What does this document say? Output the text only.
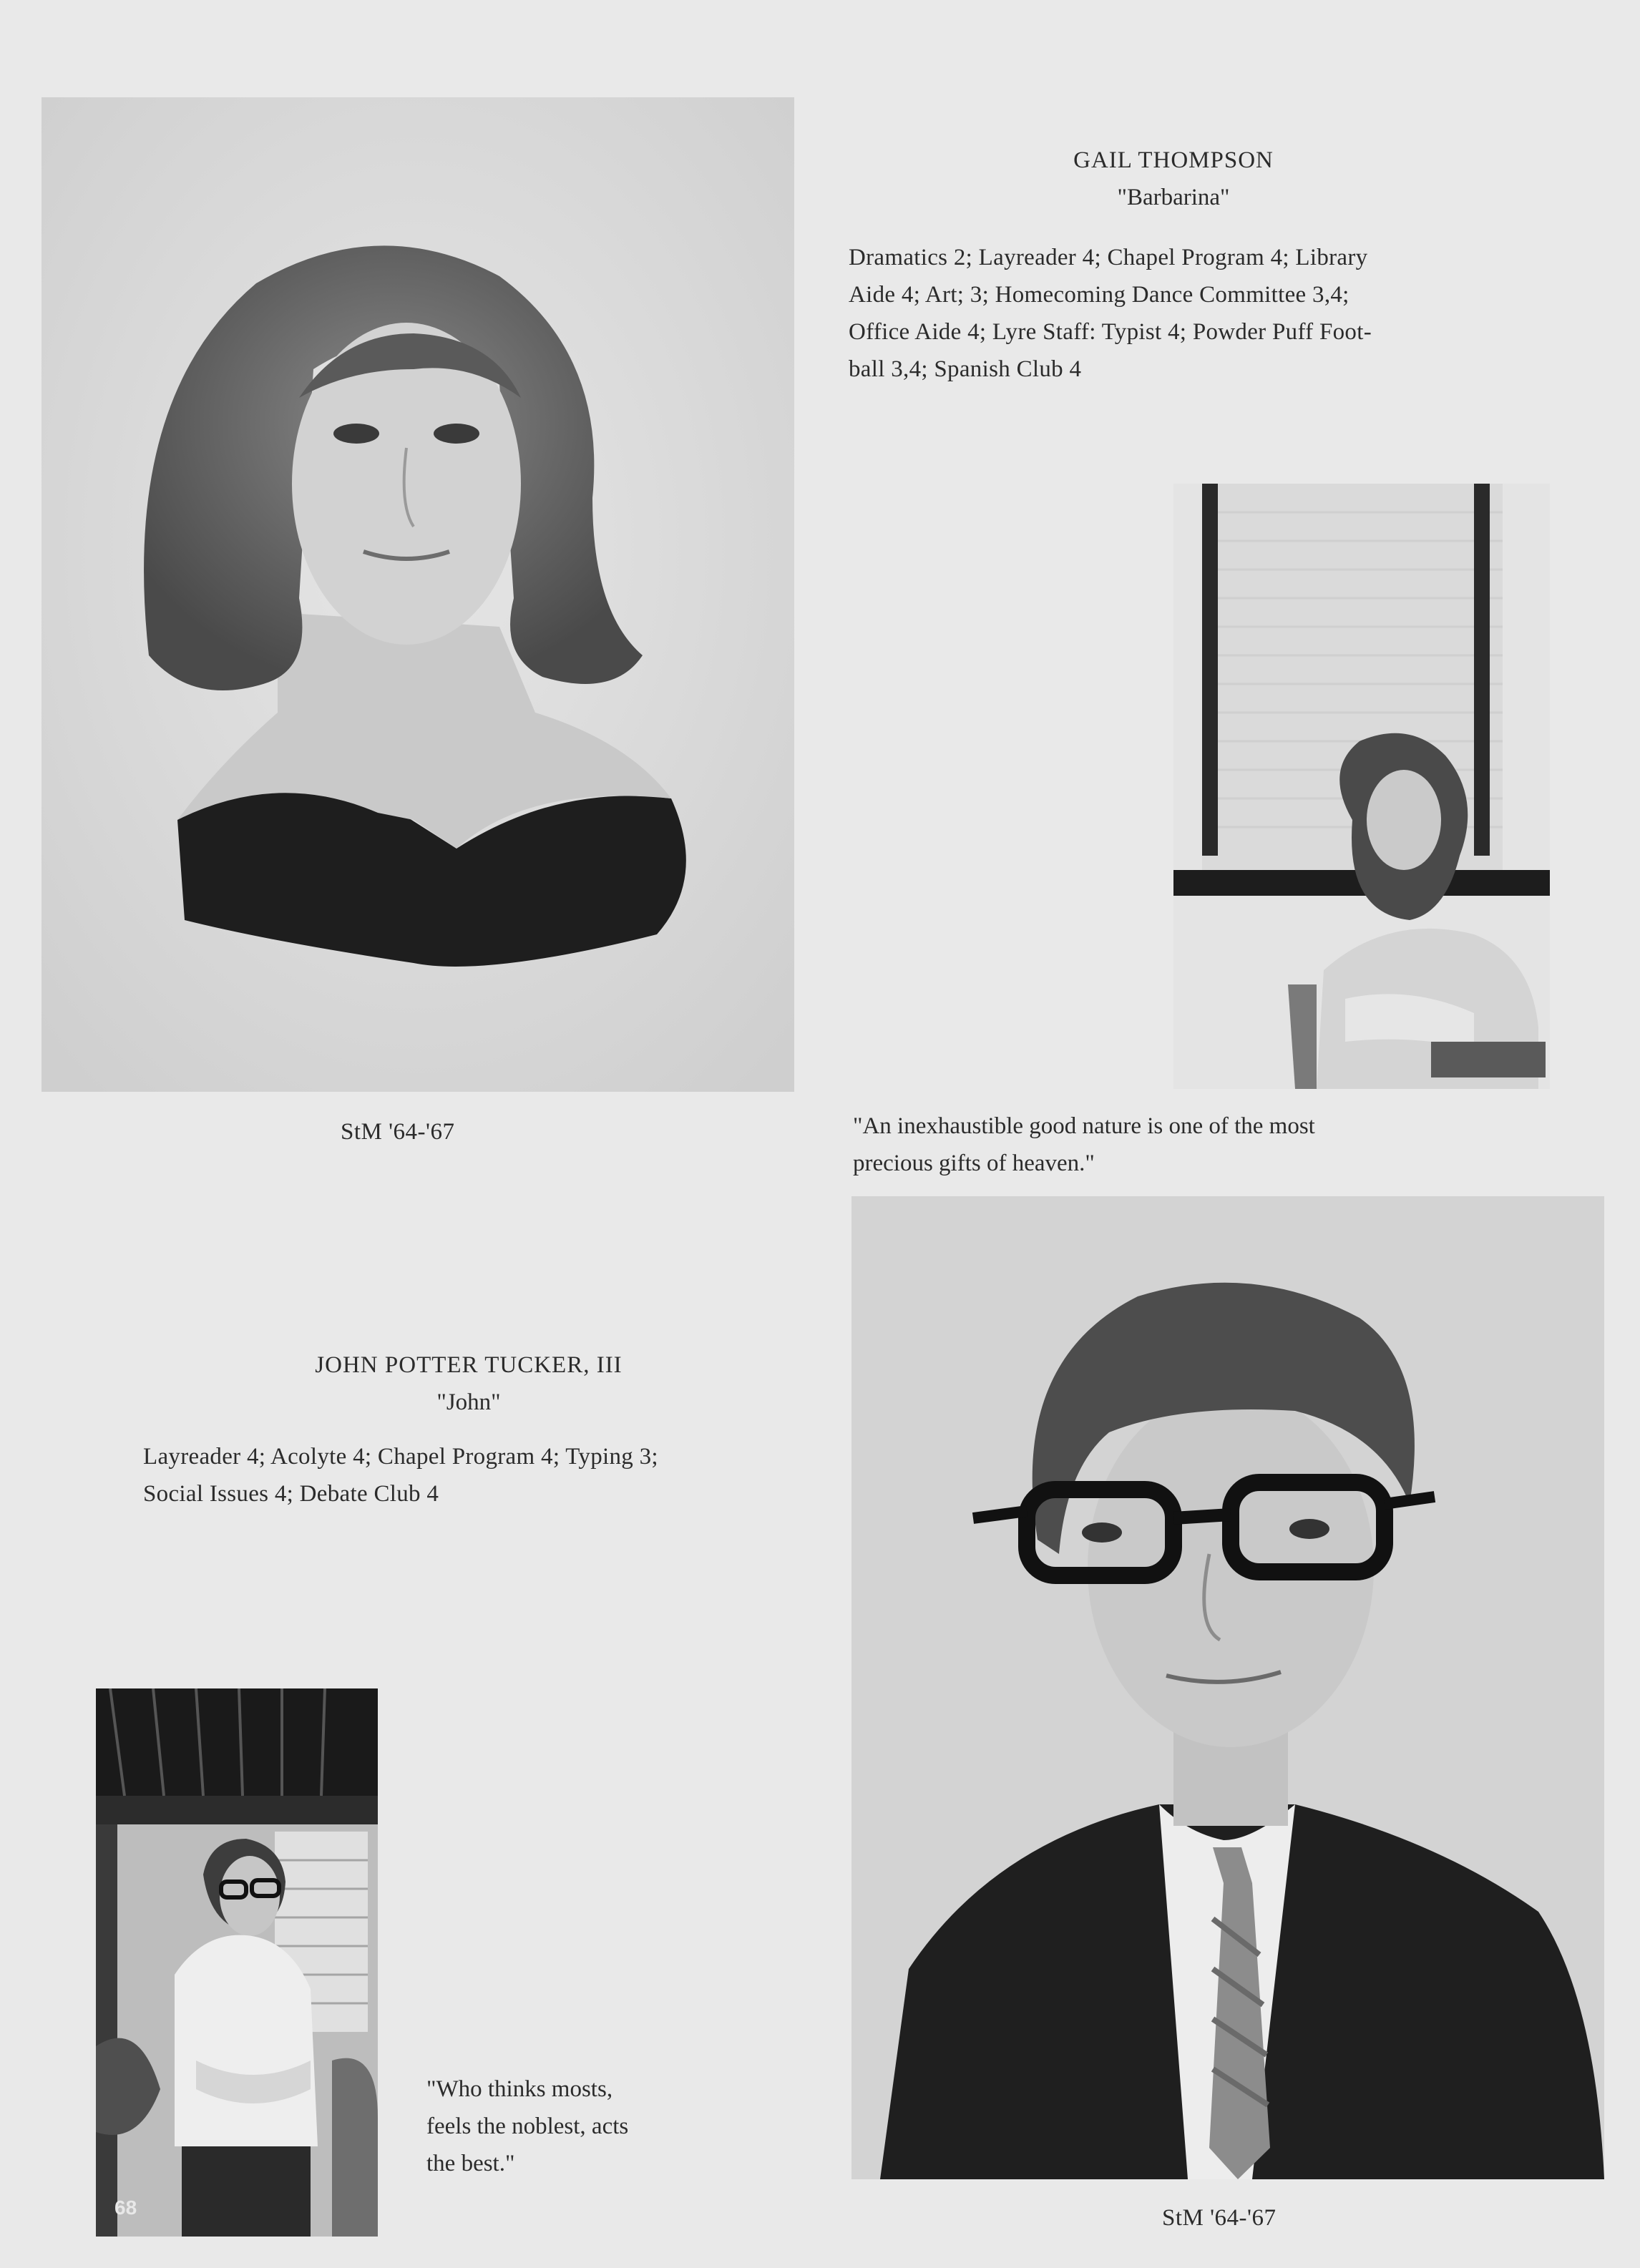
GAIL THOMPSON
"Barbarina"
Dramatics 2; Layreader 4; Chapel Program 4; Library
Aide 4; Art; 3; Homecoming Dance Committee 3,4;
Office Aide 4; Lyre Staff: Typist 4; Powder Puff Foot-
ball 3,4; Spanish Club 4
StM '64-'67	"An inexhaustible good nature is one of the most
precious gifts of heaven."
JOHN POTTER TUCKER, III
"John"
Layreader 4; Acolyte 4; Chapel Program 4; Typing 3;
Social Issues 4; Debate Club 4
68
"Who thinks mosts,
feels the noblest, acts
the best."
StM '64-'67
